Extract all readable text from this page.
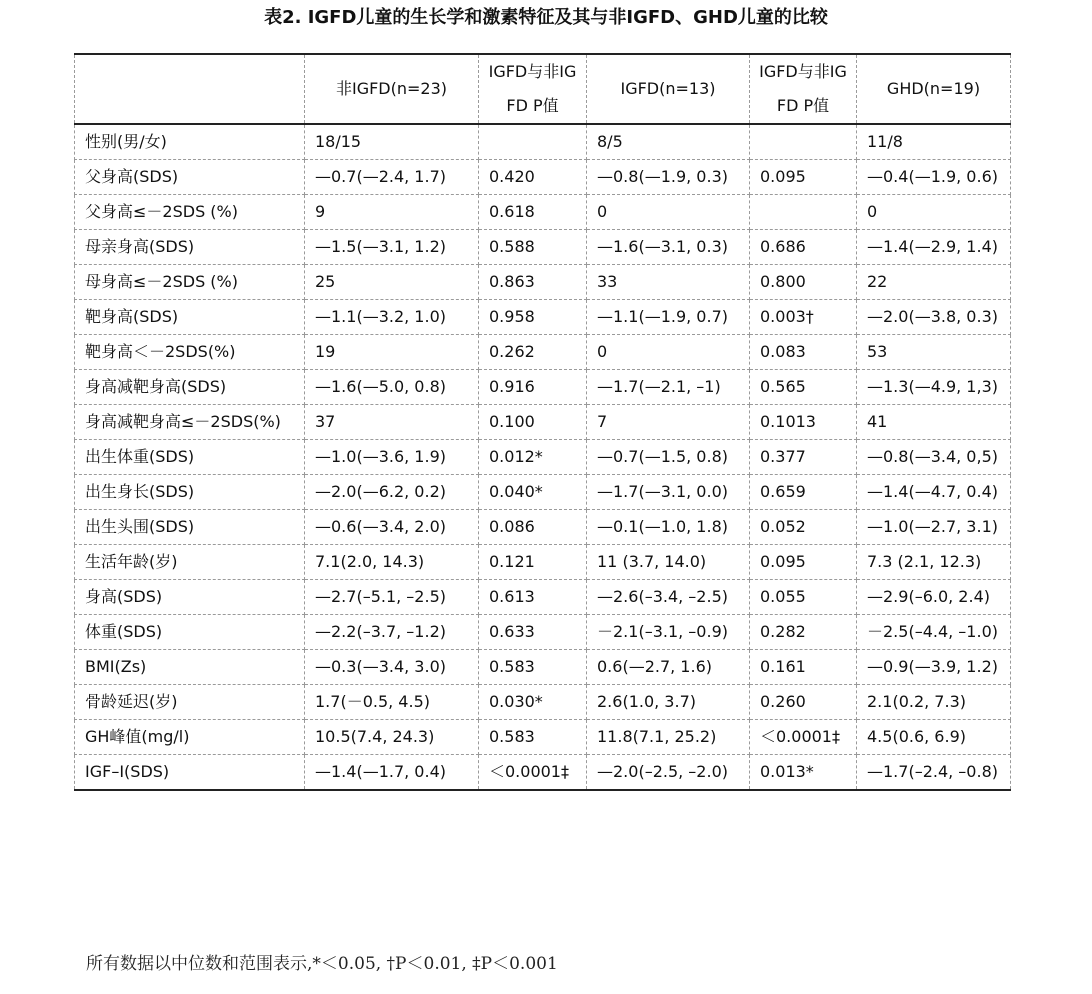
表2. IGFD儿童的生长学和激素特征及其与非IGFD、GHD儿童的比较
	非IGFD(n=23)	IGFD与非IGFD P值	IGFD(n=13)	IGFD与非IGFD P值	GHD(n=19)
性别(男/女)	18/15		8/5		11/8
父身高(SDS)	—0.7(—2.4, 1.7)	0.420	—0.8(—1.9, 0.3)	0.095	—0.4(—1.9, 0.6)
父身高≤－2SDS (%)	9	0.618	0		0
母亲身高(SDS)	—1.5(—3.1, 1.2)	0.588	—1.6(—3.1, 0.3)	0.686	—1.4(—2.9, 1.4)
母身高≤－2SDS (%)	25	0.863	33	0.800	22
靶身高(SDS)	—1.1(—3.2, 1.0)	0.958	—1.1(—1.9, 0.7)	0.003†	—2.0(—3.8, 0.3)
靶身高＜－2SDS(%)	19	0.262	0	0.083	53
身高减靶身高(SDS)	—1.6(—5.0, 0.8)	0.916	—1.7(—2.1, –1)	0.565	—1.3(—4.9, 1,3)
身高减靶身高≤－2SDS(%)	37	0.100	7	0.1013	41
出生体重(SDS)	—1.0(—3.6, 1.9)	0.012*	—0.7(—1.5, 0.8)	0.377	—0.8(—3.4, 0,5)
出生身长(SDS)	—2.0(—6.2, 0.2)	0.040*	—1.7(—3.1, 0.0)	0.659	—1.4(—4.7, 0.4)
出生头围(SDS)	—0.6(—3.4, 2.0)	0.086	—0.1(—1.0, 1.8)	0.052	—1.0(—2.7, 3.1)
生活年龄(岁)	7.1(2.0, 14.3)	0.121	11 (3.7, 14.0)	0.095	7.3 (2.1, 12.3)
身高(SDS)	—2.7(–5.1, –2.5)	0.613	—2.6(–3.4, –2.5)	0.055	—2.9(–6.0, 2.4)
体重(SDS)	—2.2(–3.7, –1.2)	0.633	－2.1(–3.1, –0.9)	0.282	－2.5(–4.4, –1.0)
BMI(Zs)	—0.3(—3.4, 3.0)	0.583	0.6(—2.7, 1.6)	0.161	—0.9(—3.9, 1.2)
骨龄延迟(岁)	1.7(－0.5, 4.5)	0.030*	2.6(1.0, 3.7)	0.260	2.1(0.2, 7.3)
GH峰值(mg/l)	10.5(7.4, 24.3)	0.583	11.8(7.1, 25.2)	＜0.0001‡	4.5(0.6, 6.9)
IGF–I(SDS)	—1.4(—1.7, 0.4)	＜0.0001‡	—2.0(–2.5, –2.0)	0.013*	—1.7(–2.4, –0.8)
所有数据以中位数和范围表示,*＜0.05, †P＜0.01, ‡P＜0.001
